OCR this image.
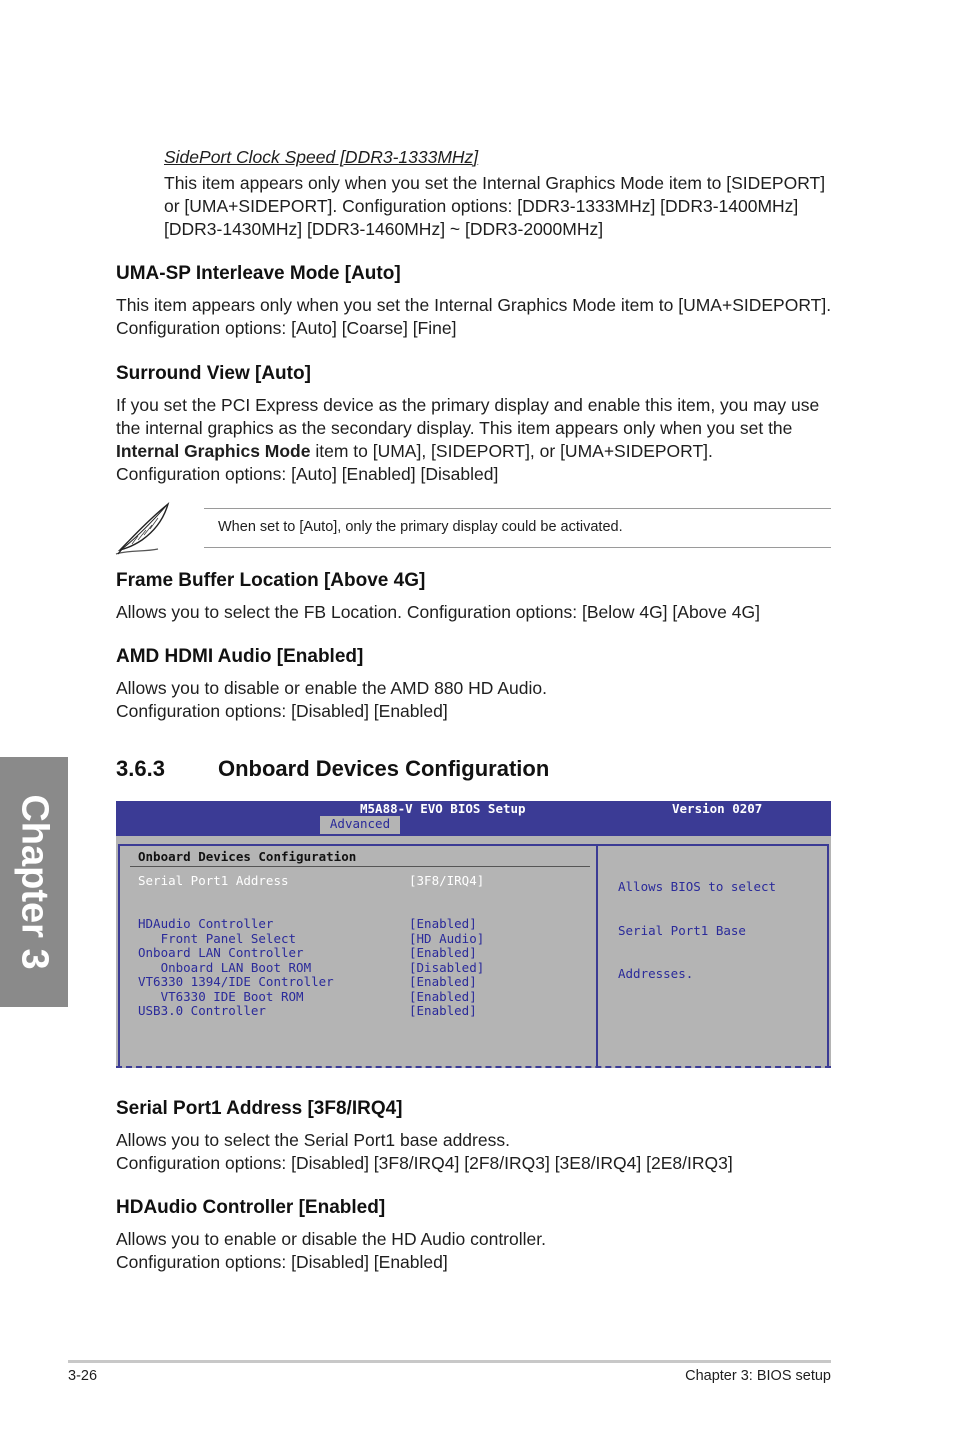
SidePort Clock Speed [DDR3-1333MHz]
This item appears only when you set the Internal Graphics Mode item to [SIDEPORT]
or [UMA+SIDEPORT]. Configuration options: [DDR3-1333MHz] [DDR3-1400MHz]
[DDR3-1430MHz] [DDR3-1460MHz] ~ [DDR3-2000MHz]
UMA-SP Interleave Mode [Auto]
This item appears only when you set the Internal Graphics Mode item to [UMA+SIDEPORT].
Configuration options: [Auto] [Coarse] [Fine]
Surround View [Auto]
If you set the PCI Express device as the primary display and enable this item, you may use
the internal graphics as the secondary display. This item appears only when you set the
Internal Graphics Mode item to [UMA], [SIDEPORT], or [UMA+SIDEPORT].
Configuration options: [Auto] [Enabled] [Disabled]
When set to [Auto], only the primary display could be activated.
Frame Buffer Location [Above 4G]
Allows you to select the FB Location. Configuration options: [Below 4G] [Above 4G]
AMD HDMI Audio [Enabled]
Allows you to disable or enable the AMD 880 HD Audio.
Configuration options: [Disabled] [Enabled]
3.6.3 Onboard Devices Configuration
Chapter 3	M5A88-V EVO BIOS Setup	Version 0207
Advanced
Onboard Devices Configuration
Serial Port1 Address	[3F8/IRQ4]
HDAudio Controller	[Enabled]
Front Panel Select	[HD Audio]
Onboard LAN Controller	[Enabled]
Onboard LAN Boot ROM	[Disabled]
VT6330 1394/IDE Controller	[Enabled]
VT6330 IDE Boot ROM	[Enabled]
USB3.0 Controller	[Enabled]

Allows BIOS to select

Serial Port1 Base

Addresses.

Serial Port1 Address [3F8/IRQ4]
Allows you to select the Serial Port1 base address.
Configuration options: [Disabled] [3F8/IRQ4] [2F8/IRQ3] [3E8/IRQ4] [2E8/IRQ3]
HDAudio Controller [Enabled]
Allows you to enable or disable the HD Audio controller.
Configuration options: [Disabled] [Enabled]
3-26	Chapter 3: BIOS setup
